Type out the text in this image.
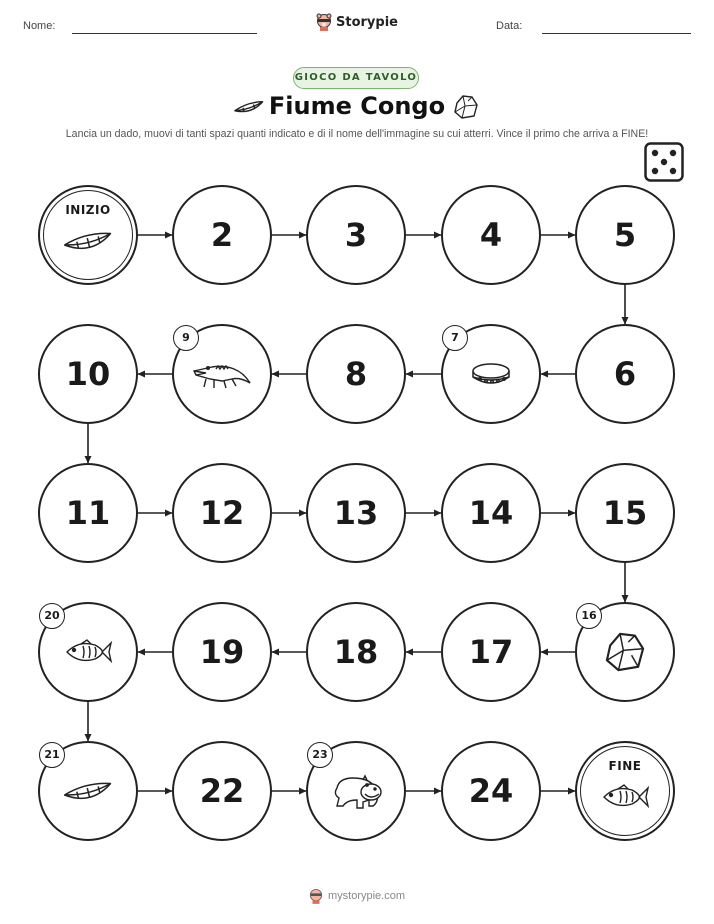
Nome:	Data:
Storypie
GIOCO DA TAVOLO
Fiume Congo
Lancia un dado, muovi di tanti spazi quanti indicato e di il nome dell'immagine su cui atterri. Vince il primo che arriva a FINE!
INIZIO
2	3	4	5
6
7
8
9
10
11	12	13	14	15
16
17
18
19
20
21
22
23
24
FINE
mystorypie.com
